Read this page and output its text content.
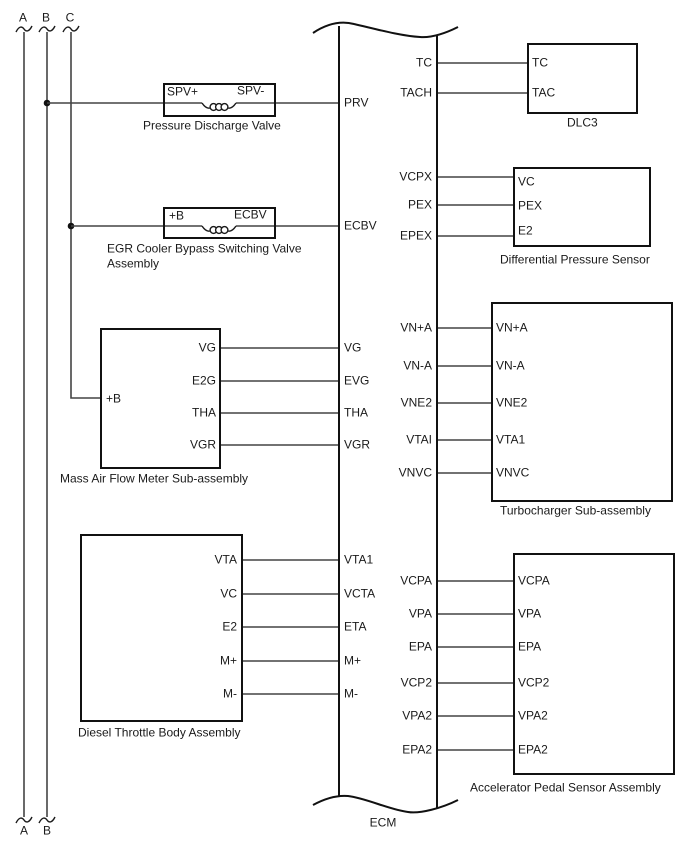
A B C
A B
PRV
ECBV
VG
EVG
THA
VGR
VTA1
VCTA
ETA
M+
M-
TC
TACH
VCPX
PEX
EPEX
VN+A
VN-A
VNE2
VTAI
VNVC
VCPA
VPA
EPA
VCP2
VPA2
EPA2
SPV+	SPV-
Pressure Discharge Valve
+B	ECBV
EGR Cooler Bypass Switching Valve
Assembly
+B
VG
E2G
THA
VGR
Mass Air Flow Meter Sub-assembly
VTA
VC
E2
M+
M-
Diesel Throttle Body Assembly
TC
TAC
DLC3
VC
PEX
E2
Differential Pressure Sensor
VN+A
VN-A
VNE2
VTA1
VNVC
Turbocharger Sub-assembly
VCPA
VPA
EPA
VCP2
VPA2
EPA2
Accelerator Pedal Sensor Assembly
ECM
